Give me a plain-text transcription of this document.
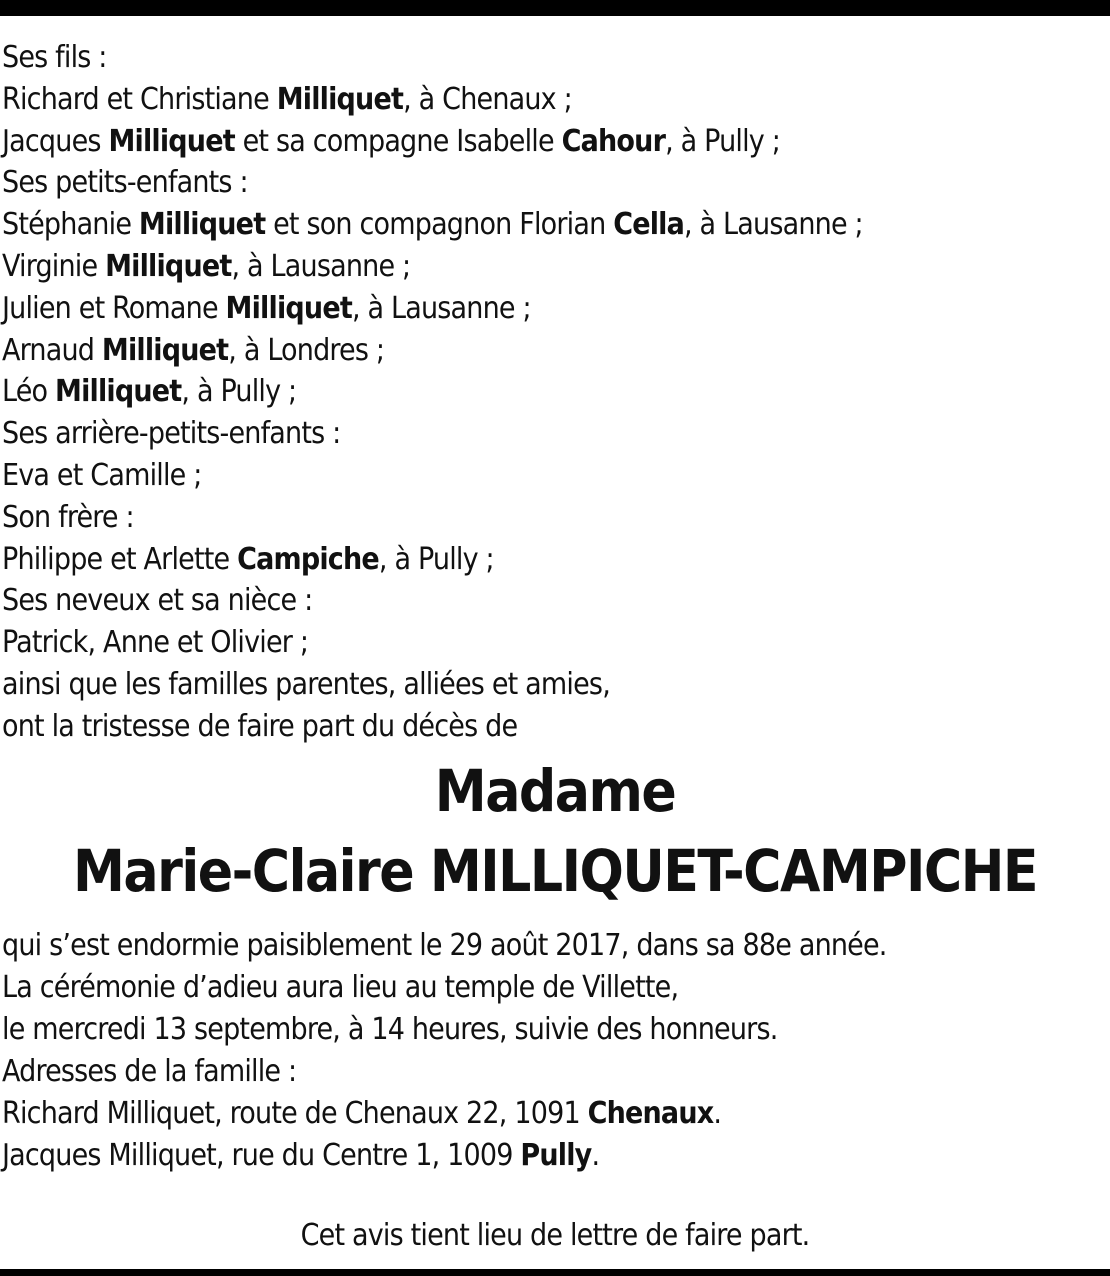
Ses fils :
Richard et Christiane Milliquet, à Chenaux ;
Jacques Milliquet et sa compagne Isabelle Cahour, à Pully ;
Ses petits-enfants :
Stéphanie Milliquet et son compagnon Florian Cella, à Lausanne ;
Virginie Milliquet, à Lausanne ;
Julien et Romane Milliquet, à Lausanne ;
Arnaud Milliquet, à Londres ;
Léo Milliquet, à Pully ;
Ses arrière-petits-enfants :
Eva et Camille ;
Son frère :
Philippe et Arlette Campiche, à Pully ;
Ses neveux et sa nièce :
Patrick, Anne et Olivier ;
ainsi que les familles parentes, alliées et amies,
ont la tristesse de faire part du décès de
Madame
Marie-Claire MILLIQUET-CAMPICHE
qui s’est endormie paisiblement le 29 août 2017, dans sa 88e année.
La cérémonie d’adieu aura lieu au temple de Villette,
le mercredi 13 septembre, à 14 heures, suivie des honneurs.
Adresses de la famille :
Richard Milliquet, route de Chenaux 22, 1091 Chenaux.
Jacques Milliquet, rue du Centre 1, 1009 Pully.
Cet avis tient lieu de lettre de faire part.
